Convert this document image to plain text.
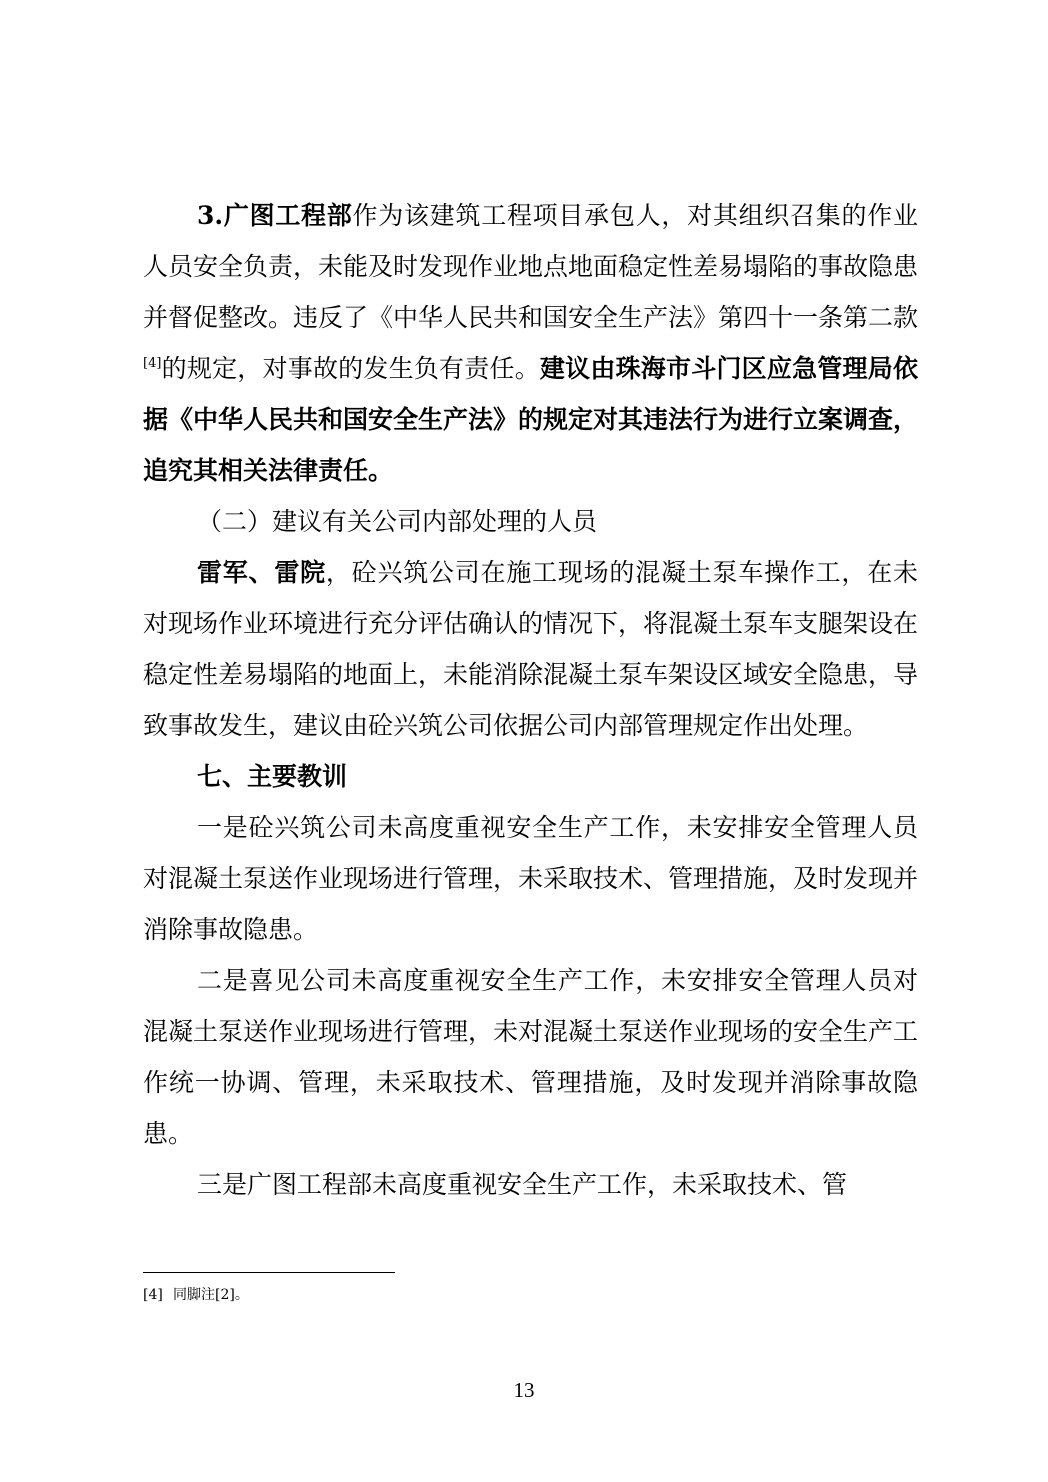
3.广图工程部作为该建筑工程项目承包人，对其组织召集的作业人员安全负责，未能及时发现作业地点地面稳定性差易塌陷的事故隐患并督促整改。违反了《中华人民共和国安全生产法》第四十一条第二款[4]的规定，对事故的发生负有责任。建议由珠海市斗门区应急管理局依据《中华人民共和国安全生产法》的规定对其违法行为进行立案调查，追究其相关法律责任。

（二）建议有关公司内部处理的人员

雷军、雷院，砼兴筑公司在施工现场的混凝土泵车操作工，在未对现场作业环境进行充分评估确认的情况下，将混凝土泵车支腿架设在稳定性差易塌陷的地面上，未能消除混凝土泵车架设区域安全隐患，导致事故发生，建议由砼兴筑公司依据公司内部管理规定作出处理。

七、主要教训

一是砼兴筑公司未高度重视安全生产工作，未安排安全管理人员对混凝土泵送作业现场进行管理，未采取技术、管理措施，及时发现并消除事故隐患。

二是喜见公司未高度重视安全生产工作，未安排安全管理人员对混凝土泵送作业现场进行管理，未对混凝土泵送作业现场的安全生产工作统一协调、管理，未采取技术、管理措施，及时发现并消除事故隐患。

三是广图工程部未高度重视安全生产工作，未采取技术、管

[4] 同脚注[2]。
13
